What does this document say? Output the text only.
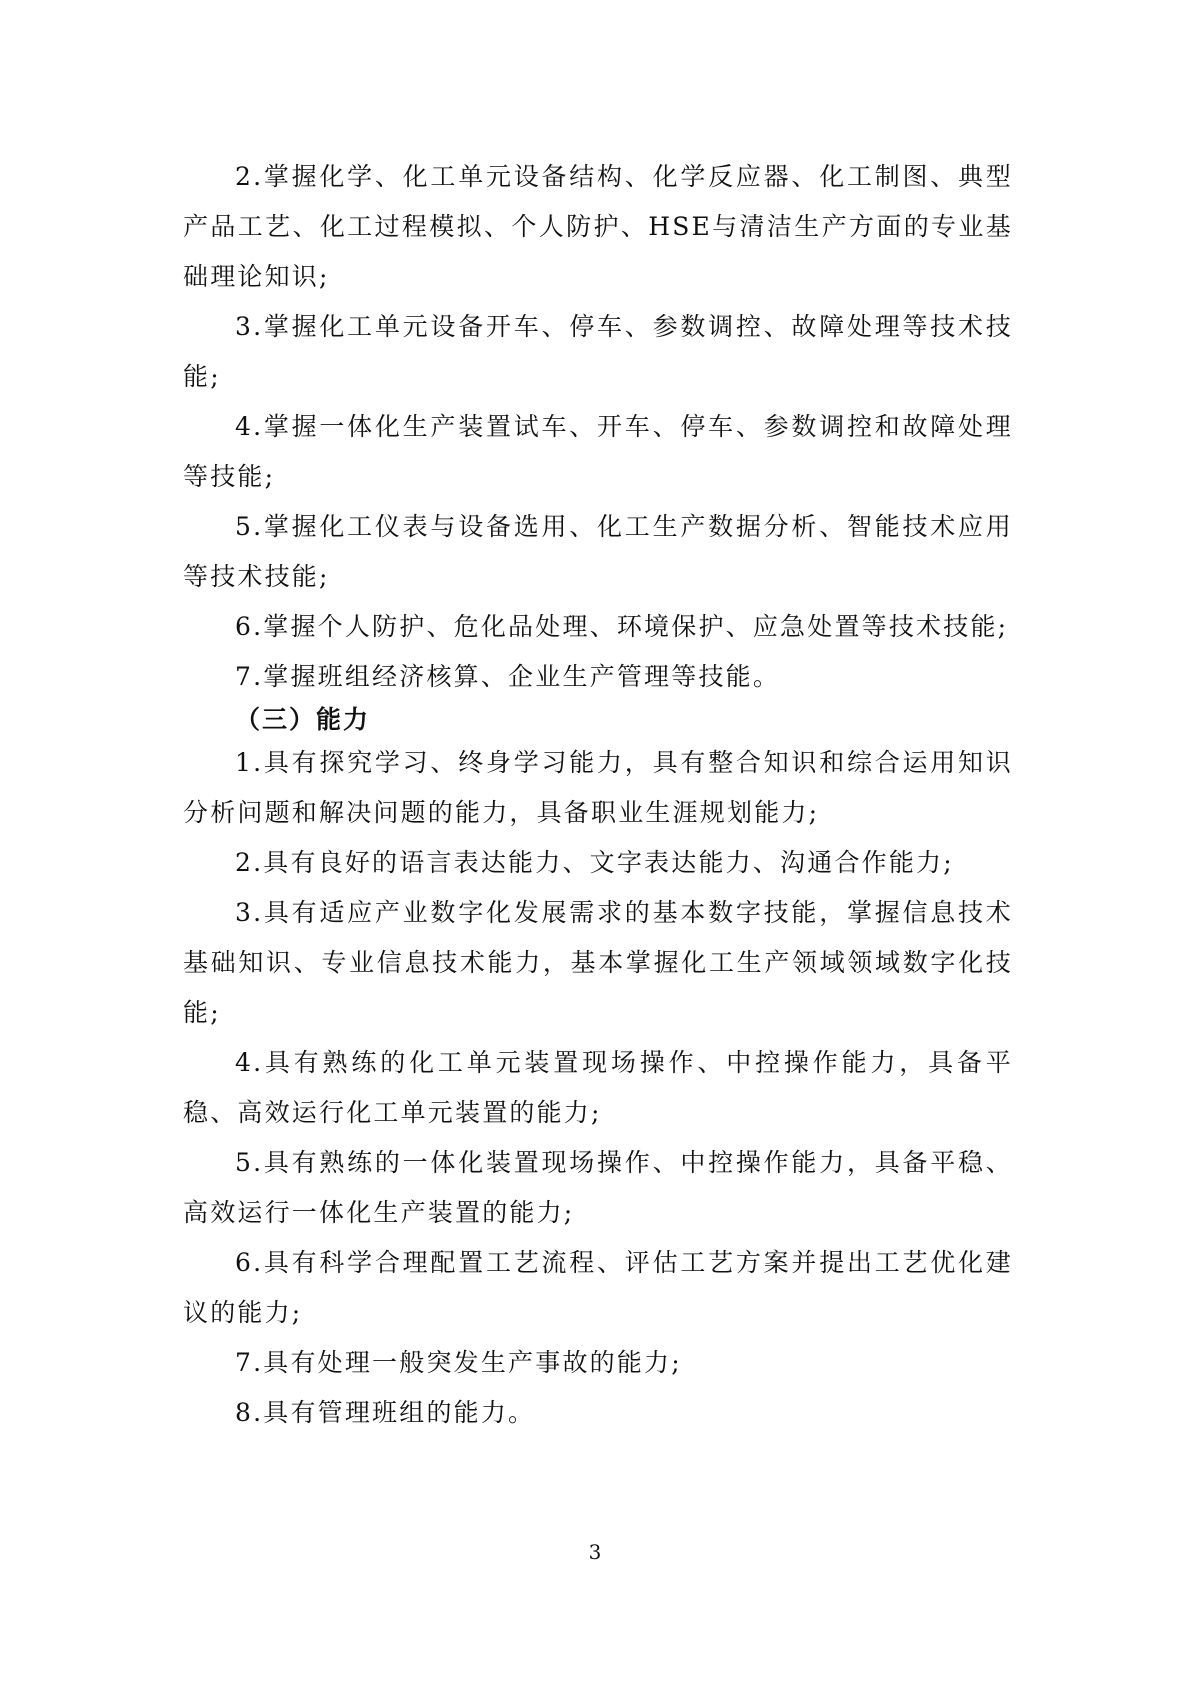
2.掌握化学、化工单元设备结构、化学反应器、化工制图、典型产品工艺、化工过程模拟、个人防护、HSE与清洁生产方面的专业基础理论知识;

3.掌握化工单元设备开车、停车、参数调控、故障处理等技术技能;

4.掌握一体化生产装置试车、开车、停车、参数调控和故障处理等技能;

5.掌握化工仪表与设备选用、化工生产数据分析、智能技术应用等技术技能;

6.掌握个人防护、危化品处理、环境保护、应急处置等技术技能;

7.掌握班组经济核算、企业生产管理等技能。

（三）能力

1.具有探究学习、终身学习能力，具有整合知识和综合运用知识分析问题和解决问题的能力，具备职业生涯规划能力;

2.具有良好的语言表达能力、文字表达能力、沟通合作能力;

3.具有适应产业数字化发展需求的基本数字技能，掌握信息技术基础知识、专业信息技术能力，基本掌握化工生产领域领域数字化技能;

4.具有熟练的化工单元装置现场操作、中控操作能力，具备平稳、高效运行化工单元装置的能力;

5.具有熟练的一体化装置现场操作、中控操作能力，具备平稳、高效运行一体化生产装置的能力;

6.具有科学合理配置工艺流程、评估工艺方案并提出工艺优化建议的能力;

7.具有处理一般突发生产事故的能力;

8.具有管理班组的能力。

3
